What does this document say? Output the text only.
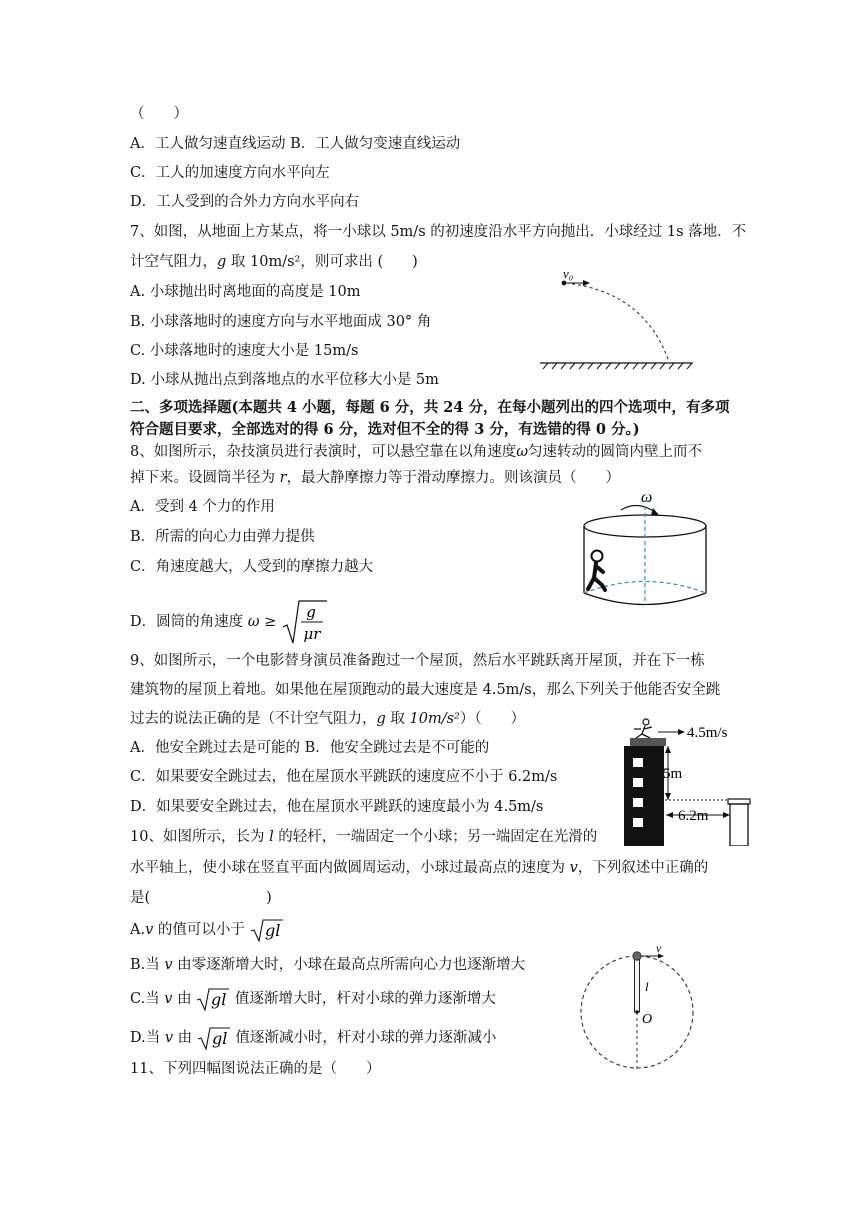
（　　）
A．工人做匀速直线运动 B．工人做匀变速直线运动
C．工人的加速度方向水平向左
D．工人受到的合外力方向水平向右
7、如图，从地面上方某点，将一小球以 5m/s 的初速度沿水平方向抛出．小球经过 1s 落地．不
计空气阻力，g 取 10m/s²，则可求出 (　　)
A. 小球抛出时离地面的高度是 10m
B. 小球落地时的速度方向与水平地面成 30° 角
C. 小球落地时的速度大小是 15m/s
D. 小球从抛出点到落地点的水平位移大小是 5m
二、多项选择题(本题共 4 小题，每题 6 分，共 24 分，在每小题列出的四个选项中，有多项
符合题目要求，全部选对的得 6 分，选对但不全的得 3 分，有选错的得 0 分。)
8、如图所示，杂技演员进行表演时，可以悬空靠在以角速度ω匀速转动的圆筒内壁上而不
掉下来。设圆筒半径为 r，最大静摩擦力等于滑动摩擦力。则该演员（　　）
A．受到 4 个力的作用
B．所需的向心力由弹力提供
C．角速度越大，人受到的摩擦力越大
D．圆筒的角速度 ω ≥
g
μr
9、如图所示，一个电影替身演员准备跑过一个屋顶，然后水平跳跃离开屋顶，并在下一栋
建筑物的屋顶上着地。如果他在屋顶跑动的最大速度是 4.5m/s，那么下列关于他能否安全跳
过去的说法正确的是（不计空气阻力，g 取 10m/s²）（　　）
A．他安全跳过去是可能的 B．他安全跳过去是不可能的
C．如果要安全跳过去，他在屋顶水平跳跃的速度应不小于 6.2m/s
D．如果要安全跳过去，他在屋顶水平跳跃的速度最小为 4.5m/s
10、如图所示，长为 l 的轻杆，一端固定一个小球；另一端固定在光滑的
水平轴上，使小球在竖直平面内做圆周运动，小球过最高点的速度为 v，下列叙述中正确的
是(　　　　　　　　)
A.v 的值可以小于 gl
B.当 v 由零逐渐增大时，小球在最高点所需向心力也逐渐增大
C.当 v 由 gl 值逐渐增大时，杆对小球的弹力逐渐增大
D.当 v 由 gl 值逐渐减小时，杆对小球的弹力逐渐减小
11、下列四幅图说法正确的是（　　）
v₀
ω
4.5m/s
5m
6.2m
v
l
O
